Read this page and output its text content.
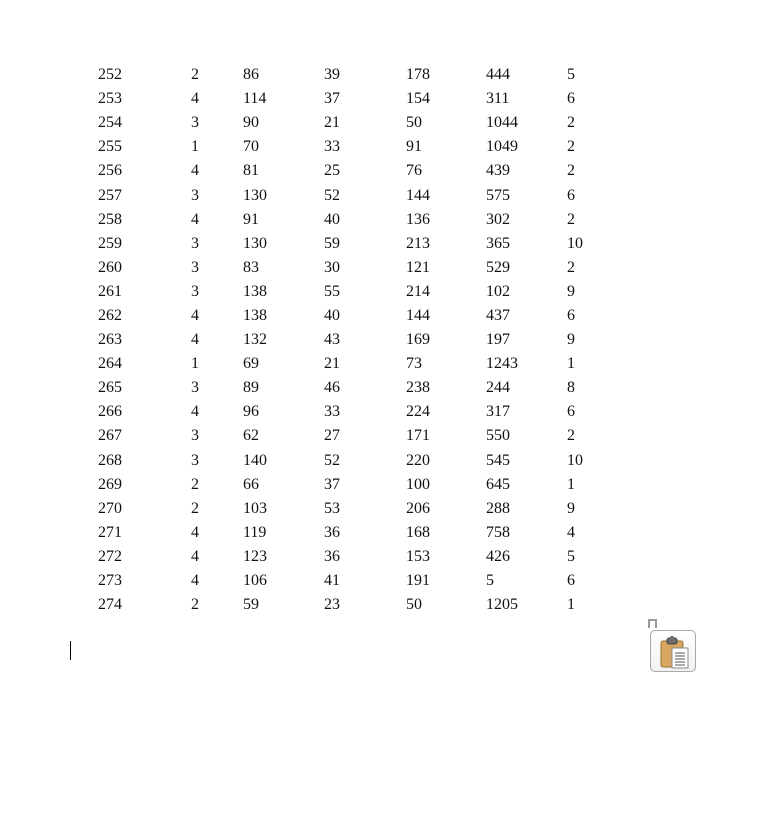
252	2	86	39	178	444	5
253	4	114	37	154	311	6
254	3	90	21	50	1044	2
255	1	70	33	91	1049	2
256	4	81	25	76	439	2
257	3	130	52	144	575	6
258	4	91	40	136	302	2
259	3	130	59	213	365	10
260	3	83	30	121	529	2
261	3	138	55	214	102	9
262	4	138	40	144	437	6
263	4	132	43	169	197	9
264	1	69	21	73	1243	1
265	3	89	46	238	244	8
266	4	96	33	224	317	6
267	3	62	27	171	550	2
268	3	140	52	220	545	10
269	2	66	37	100	645	1
270	2	103	53	206	288	9
271	4	119	36	168	758	4
272	4	123	36	153	426	5
273	4	106	41	191	5	6
274	2	59	23	50	1205	1
